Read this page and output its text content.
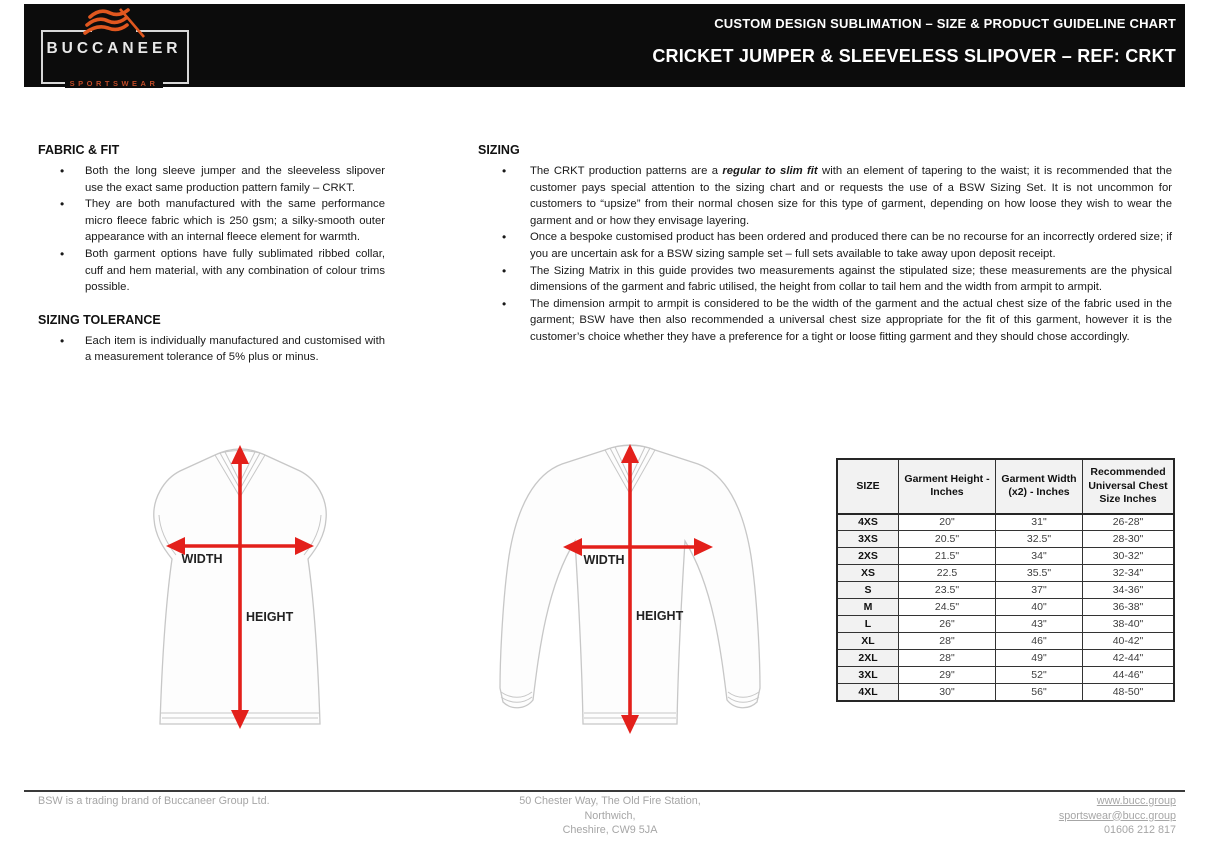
BUCCANEER
SPORTSWEAR
CUSTOM DESIGN SUBLIMATION – SIZE & PRODUCT GUIDELINE CHART
CRICKET JUMPER & SLEEVELESS SLIPOVER – REF: CRKT
FABRIC & FIT
• Both the long sleeve jumper and the sleeveless slipover use the exact same production pattern family – CRKT.
• They are both manufactured with the same performance micro fleece fabric which is 250 gsm; a silky-smooth outer appearance with an internal fleece element for warmth.
• Both garment options have fully sublimated ribbed collar, cuff and hem material, with any combination of colour trims possible.
SIZING TOLERANCE
• Each item is individually manufactured and customised with a measurement tolerance of 5% plus or minus.
SIZING
• The CRKT production patterns are a regular to slim fit with an element of tapering to the waist; it is recommended that the customer pays special attention to the sizing chart and or requests the use of a BSW Sizing Set. It is not uncommon for customers to “upsize” from their normal chosen size for this type of garment, depending on how loose they wish to wear the garment and or how they envisage layering.
• Once a bespoke customised product has been ordered and produced there can be no recourse for an incorrectly ordered size; if you are uncertain ask for a BSW sizing sample set – full sets available to take away upon deposit receipt.
• The Sizing Matrix in this guide provides two measurements against the stipulated size; these measurements are the physical dimensions of the garment and fabric utilised, the height from collar to tail hem and the width from armpit to armpit.
• The dimension armpit to armpit is considered to be the width of the garment and the actual chest size of the fabric used in the garment; BSW have then also recommended a universal chest size appropriate for the fit of this garment, however it is the customer’s choice whether they have a preference for a tight or loose fitting garment and they should chose accordingly.
WIDTH
HEIGHT
WIDTH
HEIGHT
SIZE	Garment Height - Inches	Garment Width (x2) - Inches	Recommended Universal Chest Size Inches
4XS	20"	31"	26-28"
3XS	20.5"	32.5"	28-30"
2XS	21.5"	34"	30-32"
XS	22.5	35.5"	32-34"
S	23.5"	37"	34-36"
M	24.5"	40"	36-38"
L	26"	43"	38-40"
XL	28"	46"	40-42"
2XL	28"	49"	42-44"
3XL	29"	52"	44-46"
4XL	30"	56"	48-50"
BSW is a trading brand of Buccaneer Group Ltd.	50 Chester Way, The Old Fire Station,
Northwich,
Cheshire, CW9 5JA
www.bucc.group
sportswear@bucc.group
01606 212 817
